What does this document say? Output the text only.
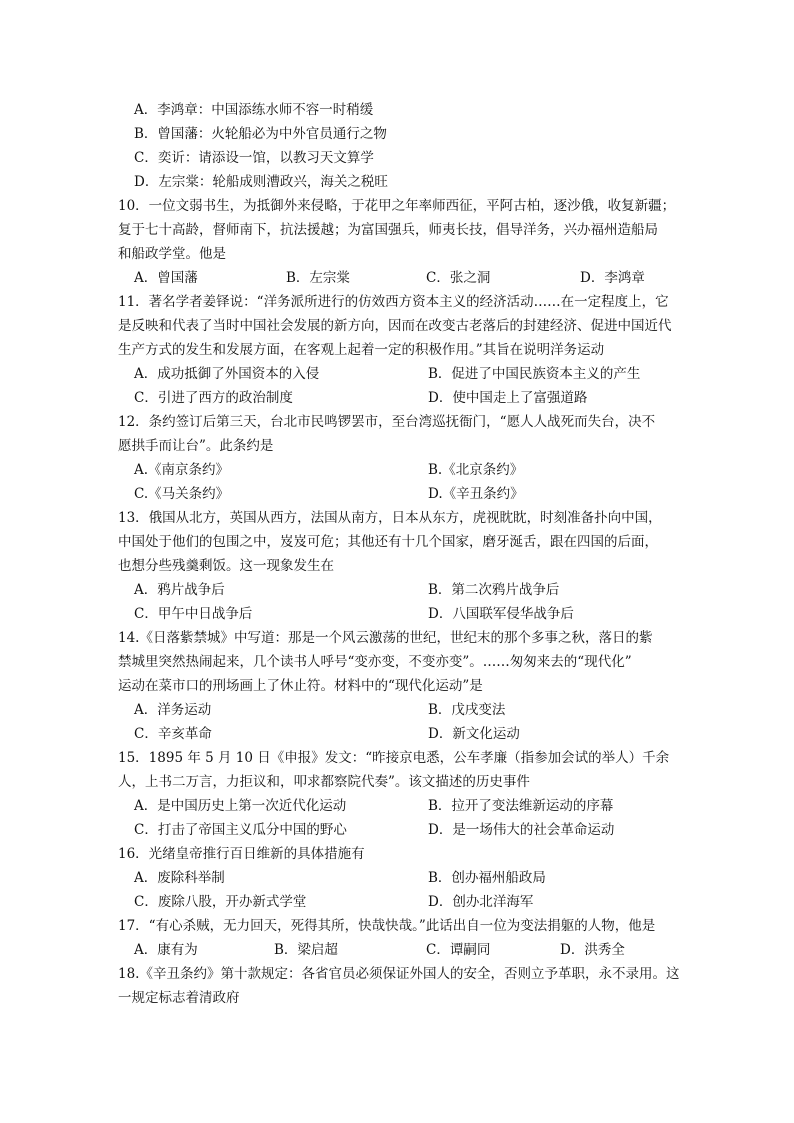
A．李鸿章：中国添练水师不容一时稍缓
B．曾国藩：火轮船必为中外官员通行之物
C．奕䜣：请添设一馆，以教习天文算学
D．左宗棠：轮船成则漕政兴，海关之税旺
10．一位文弱书生，为抵御外来侵略，于花甲之年率师西征，平阿古柏，逐沙俄，收复新疆；
复于七十高龄，督师南下，抗法援越；为富国强兵，师夷长技，倡导洋务，兴办福州造船局
和船政学堂。他是
A．曾国藩	B．左宗棠	C．张之洞	D．李鸿章
11．著名学者姜铎说：“洋务派所进行的仿效西方资本主义的经济活动……在一定程度上，它
是反映和代表了当时中国社会发展的新方向，因而在改变古老落后的封建经济、促进中国近代
生产方式的发生和发展方面，在客观上起着一定的积极作用。”其旨在说明洋务运动
A．成功抵御了外国资本的入侵	B．促进了中国民族资本主义的产生
C．引进了西方的政治制度	D．使中国走上了富强道路
12．条约签订后第三天，台北市民鸣锣罢市，至台湾巡抚衙门，“愿人人战死而失台，决不
愿拱手而让台”。此条约是
A.《南京条约》	B.《北京条约》
C.《马关条约》	D.《辛丑条约》
13．俄国从北方，英国从西方，法国从南方，日本从东方，虎视眈眈，时刻准备扑向中国，
中国处于他们的包围之中，岌岌可危；其他还有十几个国家，磨牙涎舌，跟在四国的后面，
也想分些残羹剩饭。这一现象发生在
A．鸦片战争后	B．第二次鸦片战争后
C．甲午中日战争后	D．八国联军侵华战争后
14.《日落紫禁城》中写道：那是一个风云激荡的世纪，世纪末的那个多事之秋，落日的紫
禁城里突然热闹起来，几个读书人呼号“变亦变，不变亦变”。……匆匆来去的“现代化”
运动在菜市口的刑场画上了休止符。材料中的“现代化运动”是
A．洋务运动	B．戊戌变法
C．辛亥革命	D．新文化运动
15．1895 年 5 月 10 日《申报》发文：“昨接京电悉，公车孝廉（指参加会试的举人）千余
人，上书二万言，力拒议和，叩求都察院代奏”。该文描述的历史事件
A．是中国历史上第一次近代化运动	B．拉开了变法维新运动的序幕
C．打击了帝国主义瓜分中国的野心	D．是一场伟大的社会革命运动
16．光绪皇帝推行百日维新的具体措施有
A．废除科举制	B．创办福州船政局
C．废除八股，开办新式学堂	D．创办北洋海军
17．“有心杀贼，无力回天，死得其所，快哉快哉。”此话出自一位为变法捐躯的人物，他是
A．康有为	B．梁启超	C．谭嗣同	D．洪秀全
18.《辛丑条约》第十款规定：各省官员必须保证外国人的安全，否则立予革职，永不录用。这
一规定标志着清政府
